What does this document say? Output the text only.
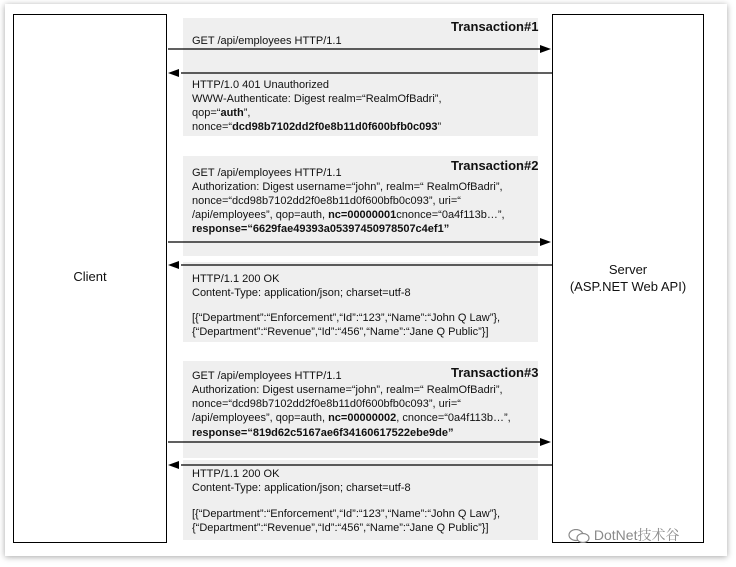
Client	Server
(ASP.NET Web API)
Transaction#1
Transaction#2
Transaction#3
GET /api/employees HTTP/1.1
HTTP/1.0 401 Unauthorized
WWW-Authenticate: Digest realm=“RealmOfBadri”,
qop=“auth”,
nonce=“dcd98b7102dd2f0e8b11d0f600bfb0c093”
GET /api/employees HTTP/1.1
Authorization: Digest username=“john”, realm=“ RealmOfBadri”,
nonce=“dcd98b7102dd2f0e8b11d0f600bfb0c093”, uri=“
/api/employees”, qop=auth, nc=00000001cnonce=“0a4f113b…”,
response=“6629fae49393a05397450978507c4ef1”
HTTP/1.1 200 OK
Content-Type: application/json; charset=utf-8
[{“Department”:“Enforcement”,“Id”:“123”,“Name”:“John Q Law”},
{“Department”:“Revenue”,“Id”:“456”,“Name”:“Jane Q Public”}]
GET /api/employees HTTP/1.1
Authorization: Digest username=“john”, realm=“ RealmOfBadri”,
nonce=“dcd98b7102dd2f0e8b11d0f600bfb0c093”, uri=“
/api/employees”, qop=auth, nc=00000002, cnonce=“0a4f113b…”,
response=“819d62c5167ae6f34160617522ebe9de”
HTTP/1.1 200 OK
Content-Type: application/json; charset=utf-8
[{“Department”:“Enforcement”,“Id”:“123”,“Name”:“John Q Law”},
{“Department”:“Revenue”,“Id”:“456”,“Name”:“Jane Q Public”}]	DotNet技术谷
